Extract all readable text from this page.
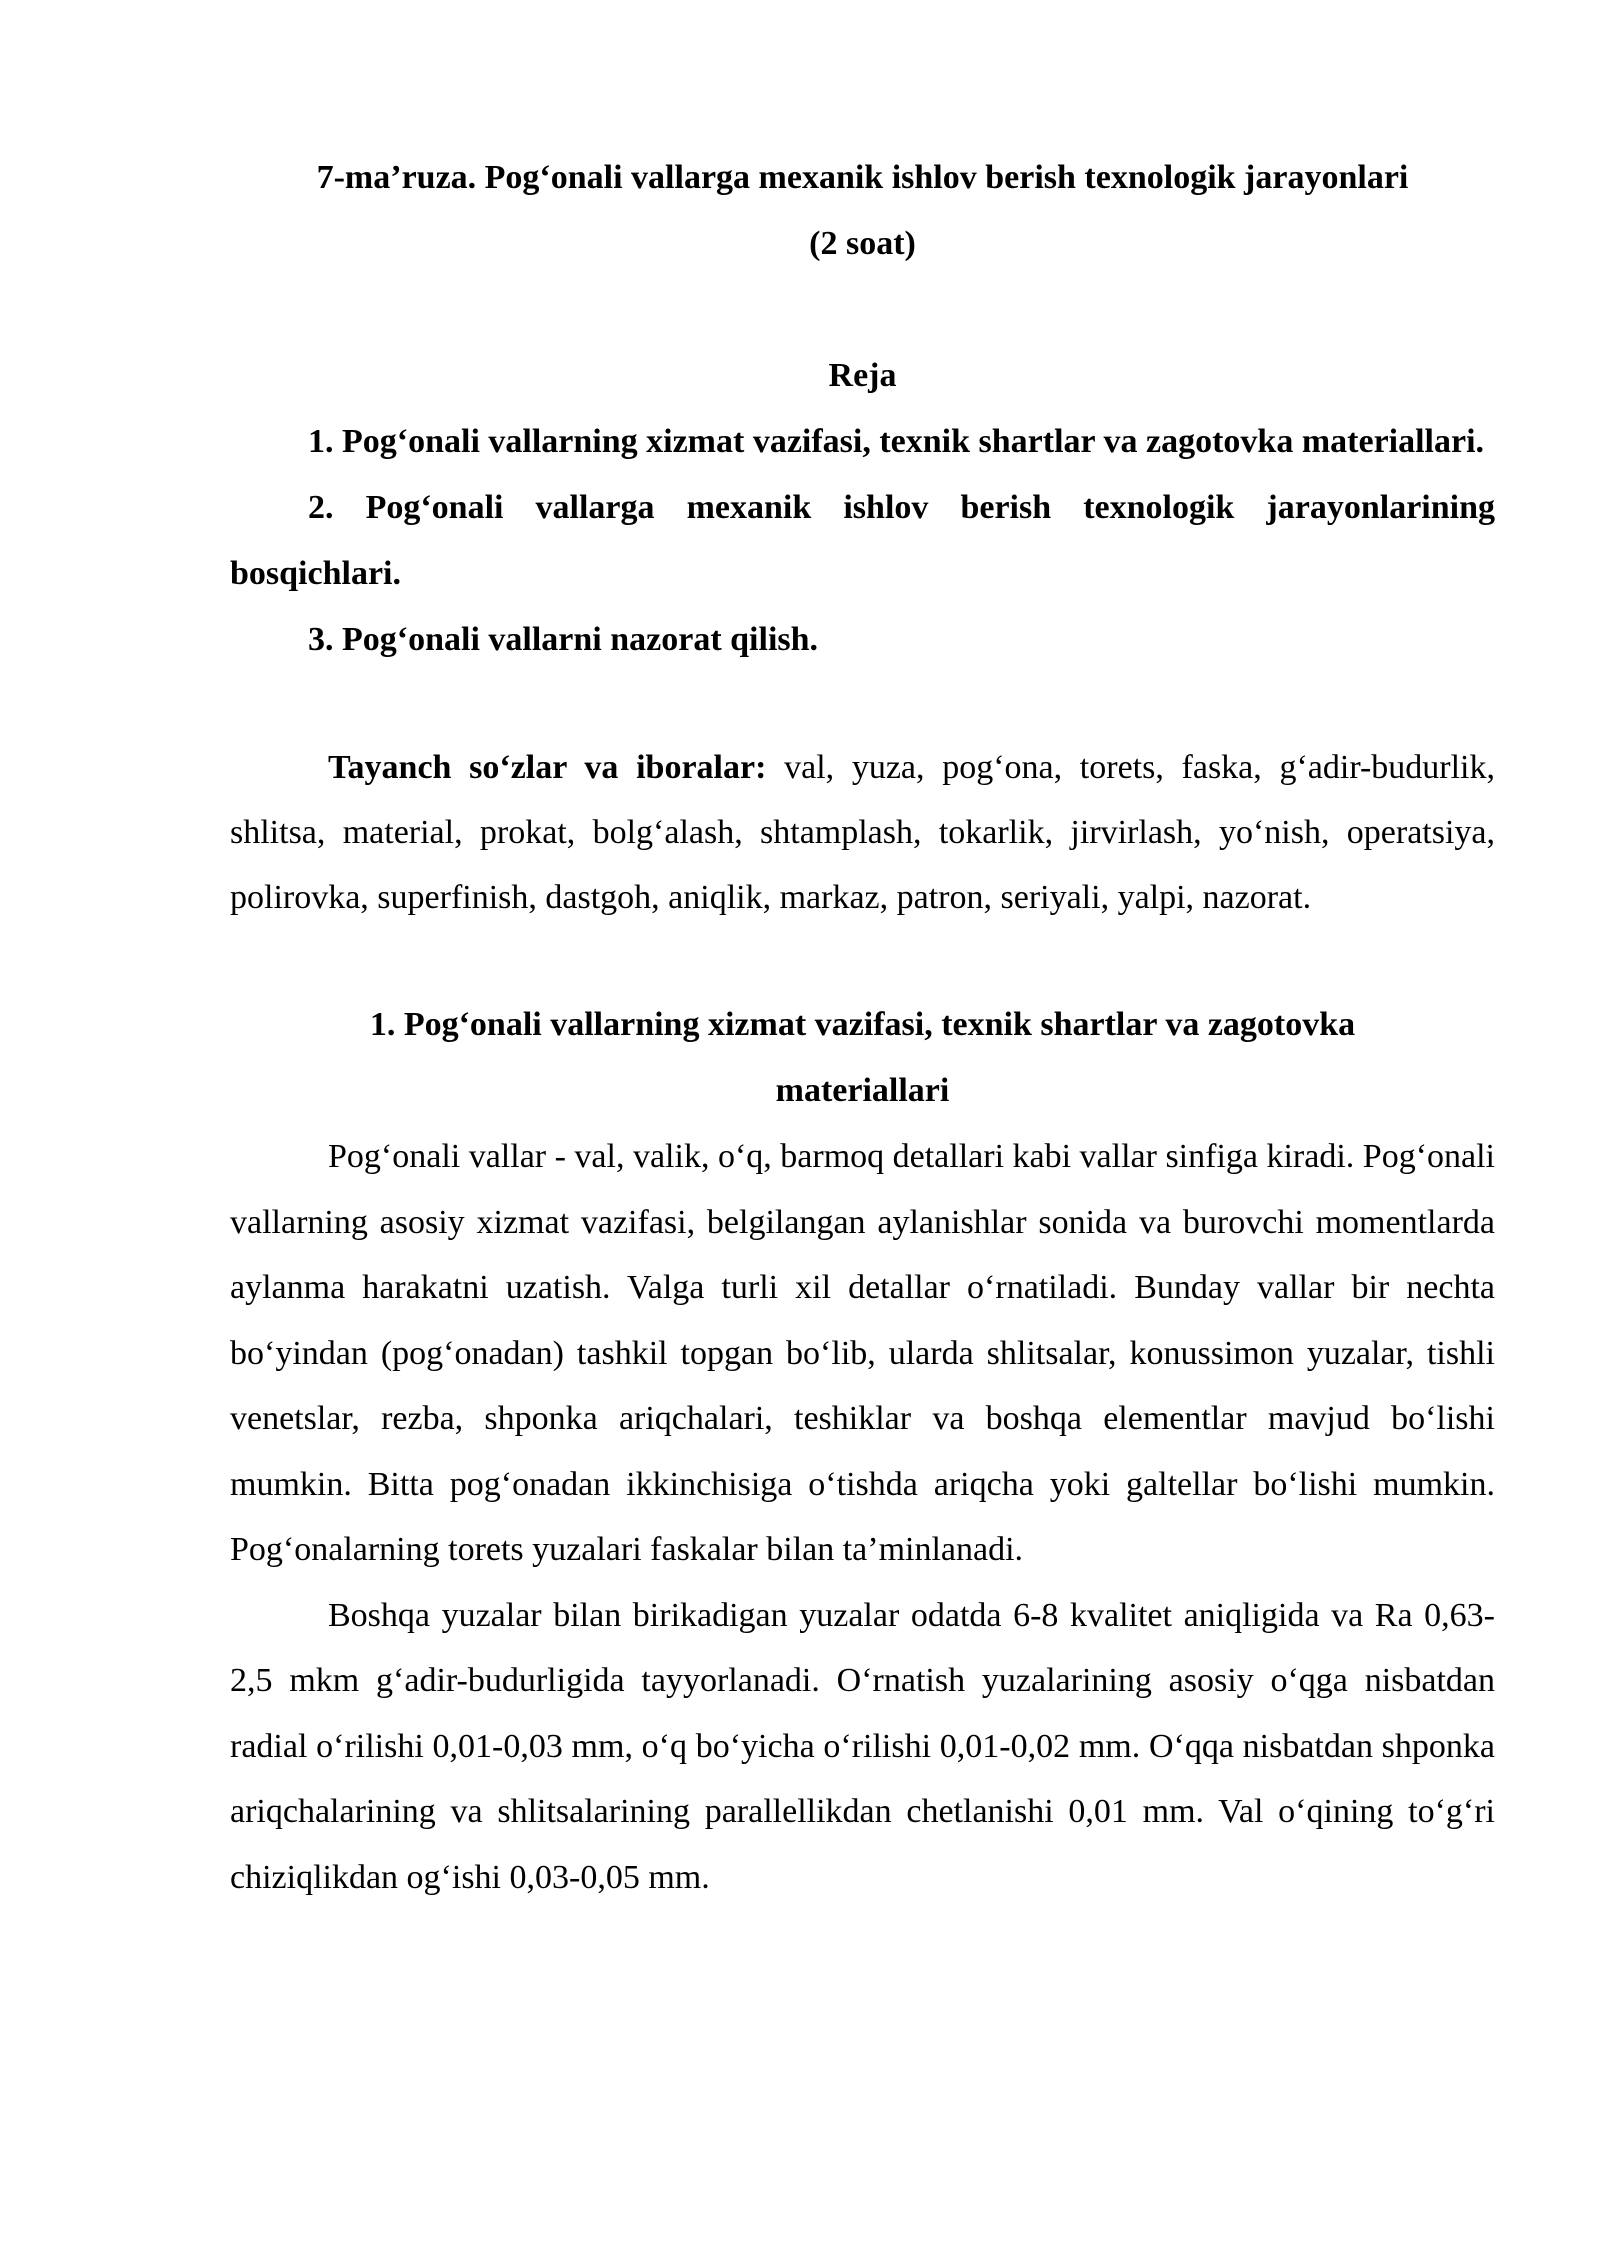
7-ma’ruza. Pog‘onali vallarga mexanik ishlov berish texnologik jarayonlari

(2 soat)

Reja

1. Pog‘onali vallarning xizmat vazifasi, texnik shartlar va zagotovka materiallari.

2. Pog‘onali vallarga mexanik ishlov berish texnologik jarayonlarining bosqichlari.

3. Pog‘onali vallarni nazorat qilish.

Tayanch so‘zlar va iboralar: val, yuza, pog‘ona, torets, faska, g‘adir-budurlik, shlitsa, material, prokat, bolg‘alash, shtamplash, tokarlik, jirvirlash, yo‘nish, operatsiya, polirovka, superfinish, dastgoh, aniqlik, markaz, patron, seriyali, yalpi, nazorat.

1. Pog‘onali vallarning xizmat vazifasi, texnik shartlar va zagotovka
materiallari

Pog‘onali vallar - val, valik, o‘q, barmoq detallari kabi vallar sinfiga kiradi. Pog‘onali vallarning asosiy xizmat vazifasi, belgilangan aylanishlar sonida va burovchi momentlarda aylanma harakatni uzatish. Valga turli xil detallar o‘rnatiladi. Bunday vallar bir nechta bo‘yindan (pog‘onadan) tashkil topgan bo‘lib, ularda shlitsalar, konussimon yuzalar, tishli venetslar, rezba, shponka ariqchalari, teshiklar va boshqa elementlar mavjud bo‘lishi mumkin. Bitta pog‘onadan ikkinchisiga o‘tishda ariqcha yoki galtellar bo‘lishi mumkin. Pog‘onalarning torets yuzalari faskalar bilan ta’minlanadi.

Boshqa yuzalar bilan birikadigan yuzalar odatda 6-8 kvalitet aniqligida va Ra 0,63-2,5 mkm g‘adir-budurligida tayyorlanadi. O‘rnatish yuzalarining asosiy o‘qga nisbatdan radial o‘rilishi 0,01-0,03 mm, o‘q bo‘yicha o‘rilishi 0,01-0,02 mm. O‘qqa nisbatdan shponka ariqchalarining va shlitsalarining parallellikdan chetlanishi 0,01 mm. Val o‘qining to‘g‘ri chiziqlikdan og‘ishi 0,03-0,05 mm.
